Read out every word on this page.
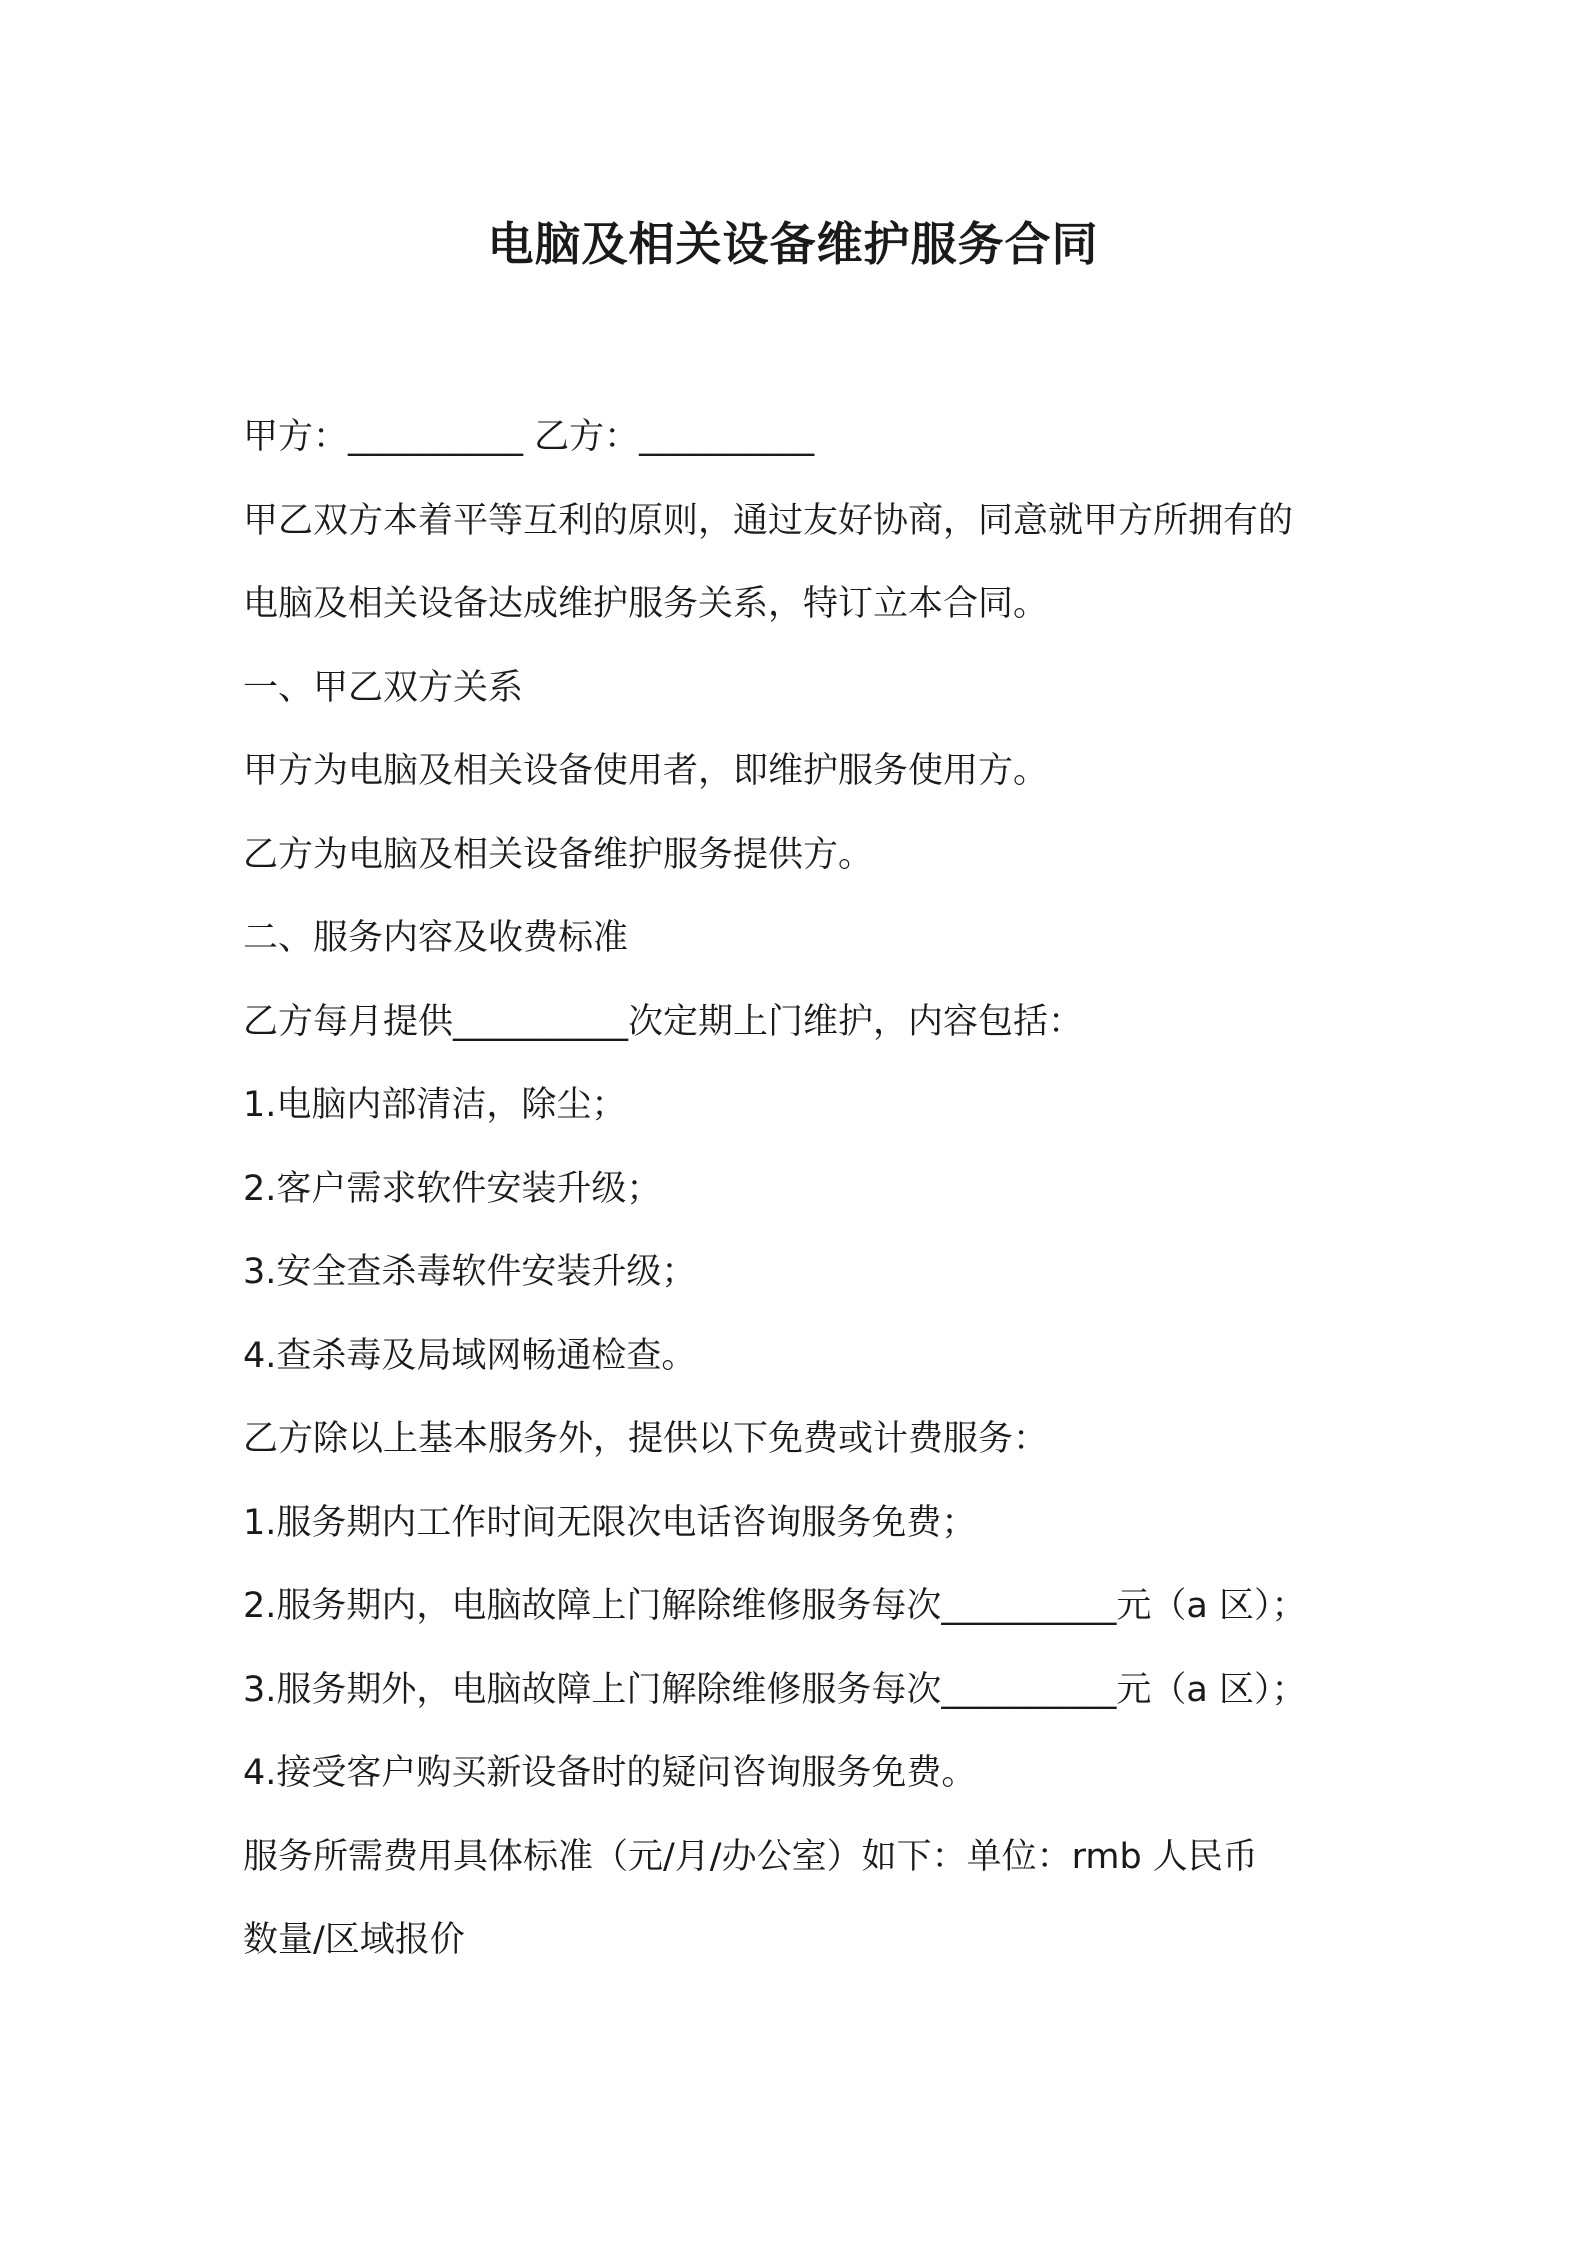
电脑及相关设备维护服务合同
甲方：__________ 乙方：__________
甲乙双方本着平等互利的原则，通过友好协商，同意就甲方所拥有的
电脑及相关设备达成维护服务关系，特订立本合同。
一、甲乙双方关系
甲方为电脑及相关设备使用者，即维护服务使用方。
乙方为电脑及相关设备维护服务提供方。
二、服务内容及收费标准
乙方每月提供__________次定期上门维护，内容包括：
1.电脑内部清洁，除尘；
2.客户需求软件安装升级；
3.安全查杀毒软件安装升级；
4.查杀毒及局域网畅通检查。
乙方除以上基本服务外，提供以下免费或计费服务：
1.服务期内工作时间无限次电话咨询服务免费；
2.服务期内，电脑故障上门解除维修服务每次__________元（a 区）；
3.服务期外，电脑故障上门解除维修服务每次__________元（a 区）；
4.接受客户购买新设备时的疑问咨询服务免费。
服务所需费用具体标准（元/月/办公室）如下：单位：rmb 人民币
数量/区域报价
